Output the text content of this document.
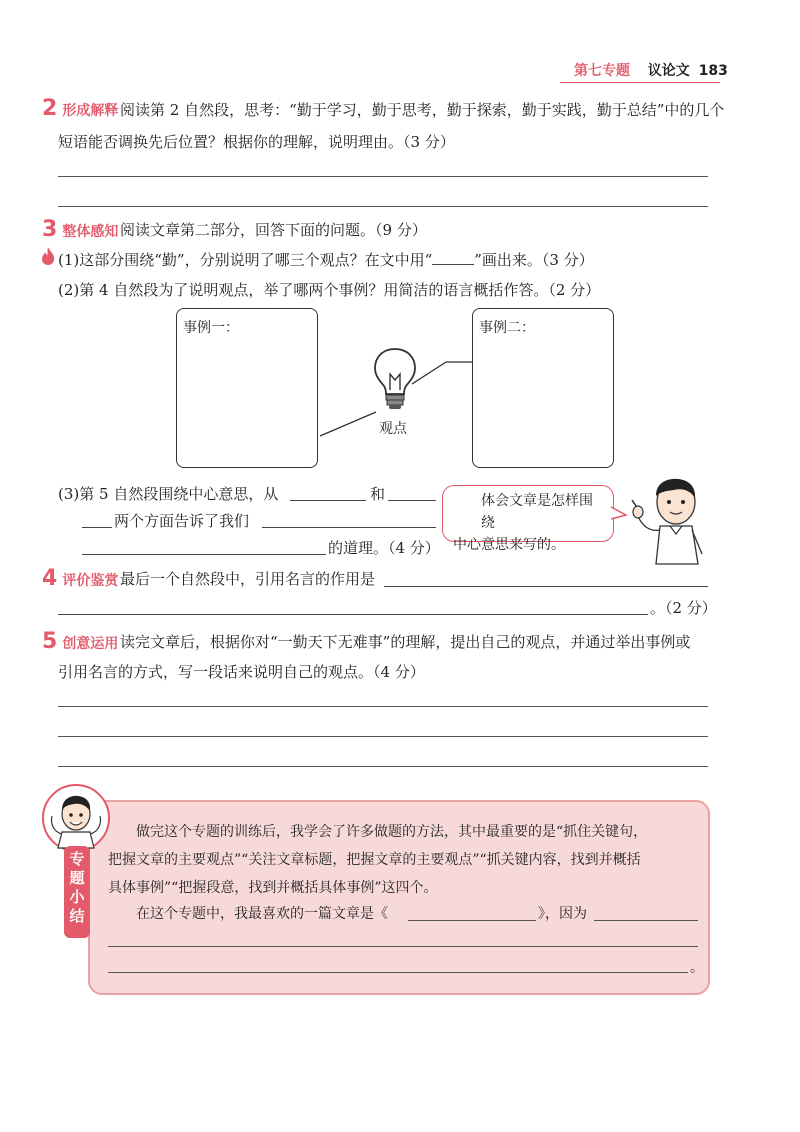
第七专题 议论文 183
2 形成解释 阅读第 2 自然段，思考：“勤于学习，勤于思考，勤于探索，勤于实践，勤于总结”中的几个
短语能否调换先后位置？根据你的理解，说明理由。（3 分）
3 整体感知 阅读文章第二部分，回答下面的问题。（9 分）
(1)这部分围绕“勤”，分别说明了哪三个观点？在文中用“	”画出来。（3 分）
(2)第 4 自然段为了说明观点，举了哪两个事例？用简洁的语言概括作答。（2 分）
事例一：	事例二：
观点
(3)第 5 自然段围绕中心意思，从	和
两个方面告诉了我们
的道理。（4 分）
体会文章是怎样围绕
中心意思来写的。
4 评价鉴赏 最后一个自然段中，引用名言的作用是
。（2 分）
5 创意运用 读完文章后，根据你对“一勤天下无难事”的理解，提出自己的观点，并通过举出事例或
引用名言的方式，写一段话来说明自己的观点。（4 分）
专
题
小
结
做完这个专题的训练后，我学会了许多做题的方法，其中最重要的是“抓住关键句，
把握文章的主要观点”“关注文章标题，把握文章的主要观点”“抓关键内容，找到并概括
具体事例”“把握段意，找到并概括具体事例”这四个。
在这个专题中，我最喜欢的一篇文章是《	》，因为
。
